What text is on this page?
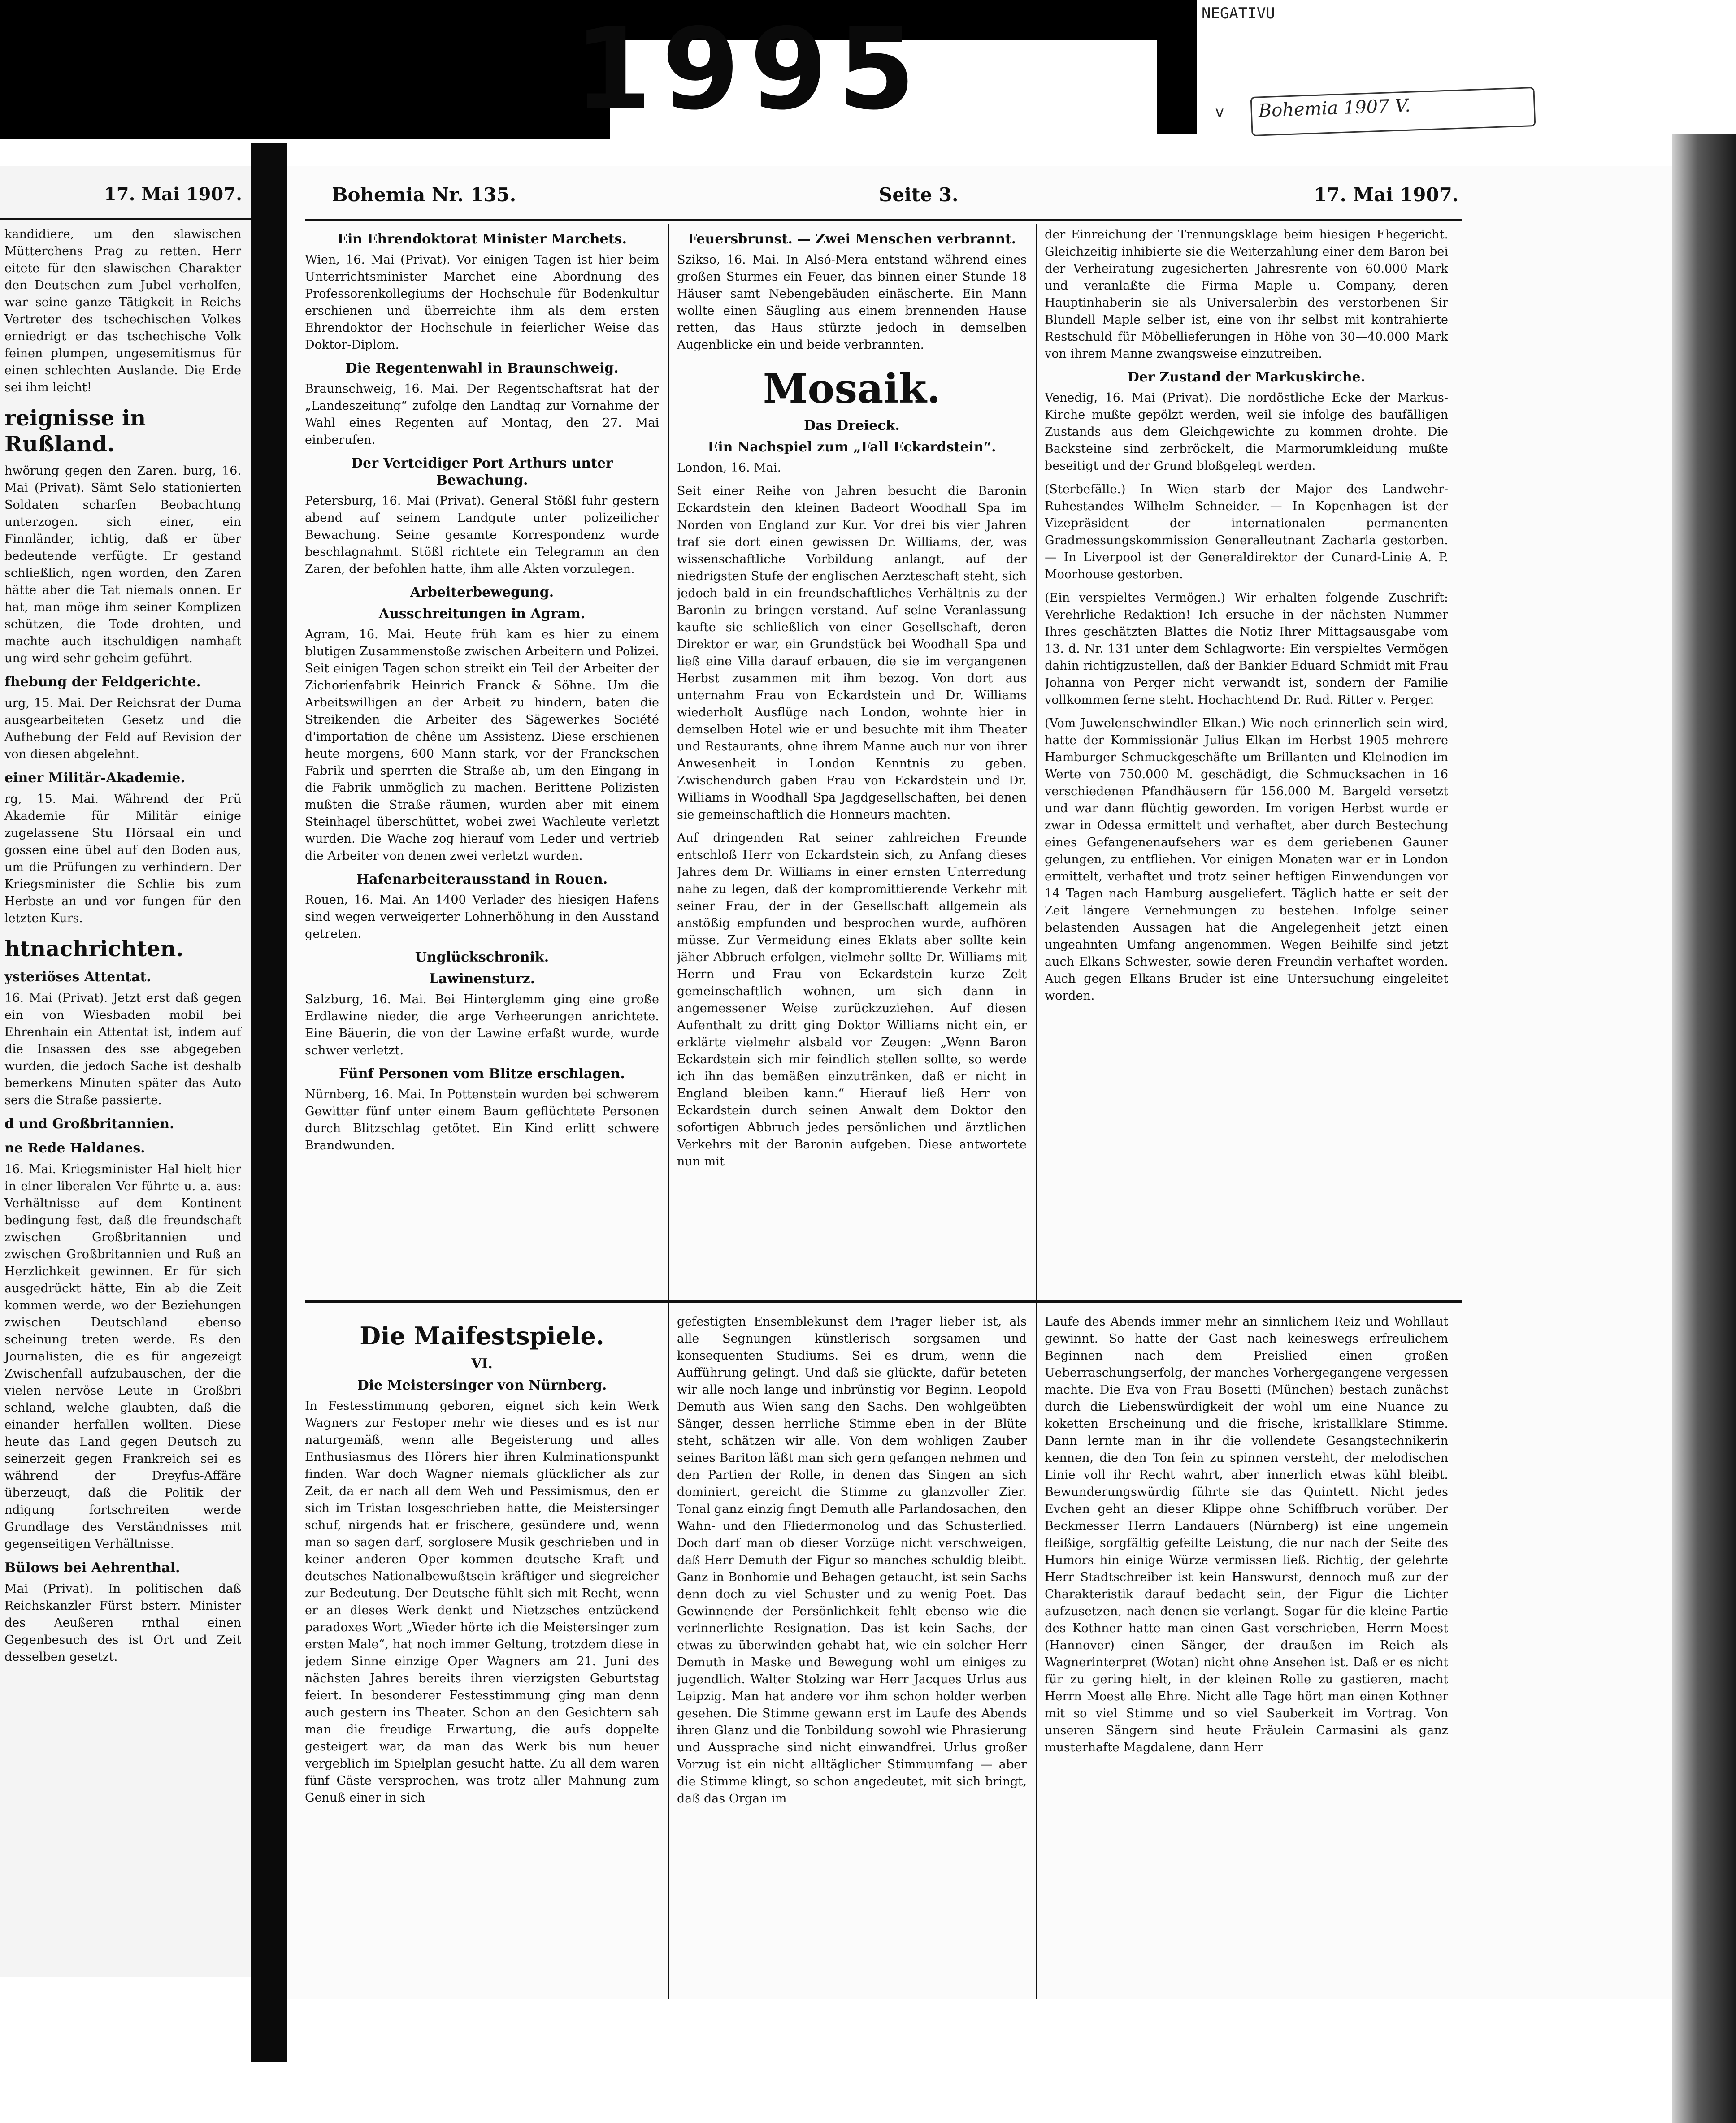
1995	NEGATIVU
v	Bohemia 1907 V.
17. Mai 1907.

kandidiere, um den slawischen Mütterchens Prag zu retten. Herr eitete für den slawischen Charakter den Deutschen zum Jubel verholfen, war seine ganze Tätigkeit in Reichs Vertreter des tschechischen Volkes erniedrigt er das tschechische Volk feinen plumpen, ungesemitismus für einen schlechten Auslande. Die Erde sei ihm leicht!

reignisse in Rußland.

hwörung gegen den Zaren. burg, 16. Mai (Privat). Sämt Selo stationierten Soldaten scharfen Beobachtung unterzogen. sich einer, ein Finnländer, ichtig, daß er über bedeutende verfügte. Er gestand schließlich, ngen worden, den Zaren hätte aber die Tat niemals onnen. Er hat, man möge ihm seiner Komplizen schützen, die Tode drohten, und machte auch itschuldigen namhaft ung wird sehr geheim geführt.

fhebung der Feldgerichte.

urg, 15. Mai. Der Reichsrat der Duma ausgearbeiteten Gesetz und die Aufhebung der Feld auf Revision der von diesen abgelehnt.

einer Militär-Akademie.

rg, 15. Mai. Während der Prü Akademie für Militär einige zugelassene Stu Hörsaal ein und gossen eine übel auf den Boden aus, um die Prüfungen zu verhindern. Der Kriegsminister die Schlie bis zum Herbste an und vor fungen für den letzten Kurs.

htnachrichten.
ysteriöses Attentat.

16. Mai (Privat). Jetzt erst daß gegen ein von Wiesbaden mobil bei Ehrenhain ein Attentat ist, indem auf die Insassen des sse abgegeben wurden, die jedoch Sache ist deshalb bemerkens Minuten später das Auto sers die Straße passierte.

d und Großbritannien.
ne Rede Haldanes.

16. Mai. Kriegsminister Hal hielt hier in einer liberalen Ver führte u. a. aus: Verhältnisse auf dem Kontinent bedingung fest, daß die freundschaft zwischen Großbritannien und zwischen Großbritannien und Ruß an Herzlichkeit gewinnen. Er für sich ausgedrückt hätte, Ein ab die Zeit kommen werde, wo der Beziehungen zwischen Deutschland ebenso scheinung treten werde. Es den Journalisten, die es für angezeigt Zwischenfall aufzubauschen, der die vielen nervöse Leute in Großbri schland, welche glaubten, daß die einander herfallen wollten. Diese heute das Land gegen Deutsch zu seinerzeit gegen Frankreich sei es während der Dreyfus-Affäre überzeugt, daß die Politik der ndigung fortschreiten werde Grundlage des Verständnisses mit gegenseitigen Verhältnisse.

Bülows bei Aehrenthal.

Mai (Privat). In politischen daß Reichskanzler Fürst bsterr. Minister des Aeußeren rnthal einen Gegenbesuch des ist Ort und Zeit desselben gesetzt.

Bohemia Nr. 135.	Seite 3.	17. Mai 1907.
Ein Ehrendoktorat Minister Marchets.

Wien, 16. Mai (Privat). Vor einigen Tagen ist hier beim Unterrichtsminister Marchet eine Abordnung des Professorenkollegiums der Hochschule für Bodenkultur erschienen und überreichte ihm als dem ersten Ehrendoktor der Hochschule in feierlicher Weise das Doktor-Diplom.

Die Regentenwahl in Braunschweig.

Braunschweig, 16. Mai. Der Regentschaftsrat hat der „Landeszeitung“ zufolge den Landtag zur Vornahme der Wahl eines Regenten auf Montag, den 27. Mai einberufen.

Der Verteidiger Port Arthurs unter Bewachung.

Petersburg, 16. Mai (Privat). General Stößl fuhr gestern abend auf seinem Landgute unter polizeilicher Bewachung. Seine gesamte Korrespondenz wurde beschlagnahmt. Stößl richtete ein Telegramm an den Zaren, der befohlen hatte, ihm alle Akten vorzulegen.

Arbeiterbewegung.
Ausschreitungen in Agram.

Agram, 16. Mai. Heute früh kam es hier zu einem blutigen Zusammenstoße zwischen Arbeitern und Polizei. Seit einigen Tagen schon streikt ein Teil der Arbeiter der Zichorienfabrik Heinrich Franck & Söhne. Um die Arbeitswilligen an der Arbeit zu hindern, baten die Streikenden die Arbeiter des Sägewerkes Société d'importation de chêne um Assistenz. Diese erschienen heute morgens, 600 Mann stark, vor der Franckschen Fabrik und sperrten die Straße ab, um den Eingang in die Fabrik unmöglich zu machen. Berittene Polizisten mußten die Straße räumen, wurden aber mit einem Steinhagel überschüttet, wobei zwei Wachleute verletzt wurden. Die Wache zog hierauf vom Leder und vertrieb die Arbeiter von denen zwei verletzt wurden.

Hafenarbeiterausstand in Rouen.

Rouen, 16. Mai. An 1400 Verlader des hiesigen Hafens sind wegen verweigerter Lohnerhöhung in den Ausstand getreten.

Unglückschronik.
Lawinensturz.

Salzburg, 16. Mai. Bei Hinterglemm ging eine große Erdlawine nieder, die arge Verheerungen anrichtete. Eine Bäuerin, die von der Lawine erfaßt wurde, wurde schwer verletzt.

Fünf Personen vom Blitze erschlagen.

Nürnberg, 16. Mai. In Pottenstein wurden bei schwerem Gewitter fünf unter einem Baum geflüchtete Personen durch Blitzschlag getötet. Ein Kind erlitt schwere Brandwunden.

Feuersbrunst. — Zwei Menschen verbrannt.

Szikso, 16. Mai. In Alsó-Mera entstand während eines großen Sturmes ein Feuer, das binnen einer Stunde 18 Häuser samt Nebengebäuden einäscherte. Ein Mann wollte einen Säugling aus einem brennenden Hause retten, das Haus stürzte jedoch in demselben Augenblicke ein und beide verbrannten.

Mosaik.
Das Dreieck.
Ein Nachspiel zum „Fall Eckardstein“.

London, 16. Mai.

Seit einer Reihe von Jahren besucht die Baronin Eckardstein den kleinen Badeort Woodhall Spa im Norden von England zur Kur. Vor drei bis vier Jahren traf sie dort einen gewissen Dr. Williams, der, was wissenschaftliche Vorbildung anlangt, auf der niedrigsten Stufe der englischen Aerzteschaft steht, sich jedoch bald in ein freundschaftliches Verhältnis zu der Baronin zu bringen verstand. Auf seine Veranlassung kaufte sie schließlich von einer Gesellschaft, deren Direktor er war, ein Grundstück bei Woodhall Spa und ließ eine Villa darauf erbauen, die sie im vergangenen Herbst zusammen mit ihm bezog. Von dort aus unternahm Frau von Eckardstein und Dr. Williams wiederholt Ausflüge nach London, wohnte hier in demselben Hotel wie er und besuchte mit ihm Theater und Restaurants, ohne ihrem Manne auch nur von ihrer Anwesenheit in London Kenntnis zu geben. Zwischendurch gaben Frau von Eckardstein und Dr. Williams in Woodhall Spa Jagdgesellschaften, bei denen sie gemeinschaftlich die Honneurs machten.

Auf dringenden Rat seiner zahlreichen Freunde entschloß Herr von Eckardstein sich, zu Anfang dieses Jahres dem Dr. Williams in einer ernsten Unterredung nahe zu legen, daß der kompromittierende Verkehr mit seiner Frau, der in der Gesellschaft allgemein als anstößig empfunden und besprochen wurde, aufhören müsse. Zur Vermeidung eines Eklats aber sollte kein jäher Abbruch erfolgen, vielmehr sollte Dr. Williams mit Herrn und Frau von Eckardstein kurze Zeit gemeinschaftlich wohnen, um sich dann in angemessener Weise zurückzuziehen. Auf diesen Aufenthalt zu dritt ging Doktor Williams nicht ein, er erklärte vielmehr alsbald vor Zeugen: „Wenn Baron Eckardstein sich mir feindlich stellen sollte, so werde ich ihn das bemäßen einzutränken, daß er nicht in England bleiben kann.“ Hierauf ließ Herr von Eckardstein durch seinen Anwalt dem Doktor den sofortigen Abbruch jedes persönlichen und ärztlichen Verkehrs mit der Baronin aufgeben. Diese antwortete nun mit

der Einreichung der Trennungsklage beim hiesigen Ehegericht. Gleichzeitig inhibierte sie die Weiterzahlung einer dem Baron bei der Verheiratung zugesicherten Jahresrente von 60.000 Mark und veranlaßte die Firma Maple u. Company, deren Hauptinhaberin sie als Universalerbin des verstorbenen Sir Blundell Maple selber ist, eine von ihr selbst mit kontrahierte Restschuld für Möbellieferungen in Höhe von 30—40.000 Mark von ihrem Manne zwangsweise einzutreiben.

Der Zustand der Markuskirche.

Venedig, 16. Mai (Privat). Die nordöstliche Ecke der Markus-Kirche mußte gepölzt werden, weil sie infolge des baufälligen Zustands aus dem Gleichgewichte zu kommen drohte. Die Backsteine sind zerbröckelt, die Marmorumkleidung mußte beseitigt und der Grund bloßgelegt werden.

(Sterbefälle.) In Wien starb der Major des Landwehr-Ruhestandes Wilhelm Schneider. — In Kopenhagen ist der Vizepräsident der internationalen permanenten Gradmessungskommission Generalleutnant Zacharia gestorben. — In Liverpool ist der Generaldirektor der Cunard-Linie A. P. Moorhouse gestorben.

(Ein verspieltes Vermögen.) Wir erhalten folgende Zuschrift: Verehrliche Redaktion! Ich ersuche in der nächsten Nummer Ihres geschätzten Blattes die Notiz Ihrer Mittagsausgabe vom 13. d. Nr. 131 unter dem Schlagworte: Ein verspieltes Vermögen dahin richtigzustellen, daß der Bankier Eduard Schmidt mit Frau Johanna von Perger nicht verwandt ist, sondern der Familie vollkommen ferne steht. Hochachtend Dr. Rud. Ritter v. Perger.

(Vom Juwelenschwindler Elkan.) Wie noch erinnerlich sein wird, hatte der Kommissionär Julius Elkan im Herbst 1905 mehrere Hamburger Schmuckgeschäfte um Brillanten und Kleinodien im Werte von 750.000 M. geschädigt, die Schmucksachen in 16 verschiedenen Pfandhäusern für 156.000 M. Bargeld versetzt und war dann flüchtig geworden. Im vorigen Herbst wurde er zwar in Odessa ermittelt und verhaftet, aber durch Bestechung eines Gefangenenaufsehers war es dem geriebenen Gauner gelungen, zu entfliehen. Vor einigen Monaten war er in London ermittelt, verhaftet und trotz seiner heftigen Einwendungen vor 14 Tagen nach Hamburg ausgeliefert. Täglich hatte er seit der Zeit längere Vernehmungen zu bestehen. Infolge seiner belastenden Aussagen hat die Angelegenheit jetzt einen ungeahnten Umfang angenommen. Wegen Beihilfe sind jetzt auch Elkans Schwester, sowie deren Freundin verhaftet worden. Auch gegen Elkans Bruder ist eine Untersuchung eingeleitet worden.

Die Maifestspiele.
VI.
Die Meistersinger von Nürnberg.

In Festesstimmung geboren, eignet sich kein Werk Wagners zur Festoper mehr wie dieses und es ist nur naturgemäß, wenn alle Begeisterung und alles Enthusiasmus des Hörers hier ihren Kulminationspunkt finden. War doch Wagner niemals glücklicher als zur Zeit, da er nach all dem Weh und Pessimismus, den er sich im Tristan losgeschrieben hatte, die Meistersinger schuf, nirgends hat er frischere, gesündere und, wenn man so sagen darf, sorglosere Musik geschrieben und in keiner anderen Oper kommen deutsche Kraft und deutsches Nationalbewußtsein kräftiger und siegreicher zur Bedeutung. Der Deutsche fühlt sich mit Recht, wenn er an dieses Werk denkt und Nietzsches entzückend paradoxes Wort „Wieder hörte ich die Meistersinger zum ersten Male“, hat noch immer Geltung, trotzdem diese in jedem Sinne einzige Oper Wagners am 21. Juni des nächsten Jahres bereits ihren vierzigsten Geburtstag feiert. In besonderer Festesstimmung ging man denn auch gestern ins Theater. Schon an den Gesichtern sah man die freudige Erwartung, die aufs doppelte gesteigert war, da man das Werk bis nun heuer vergeblich im Spielplan gesucht hatte. Zu all dem waren fünf Gäste versprochen, was trotz aller Mahnung zum Genuß einer in sich

gefestigten Ensemblekunst dem Prager lieber ist, als alle Segnungen künstlerisch sorgsamen und konsequenten Studiums. Sei es drum, wenn die Aufführung gelingt. Und daß sie glückte, dafür beteten wir alle noch lange und inbrünstig vor Beginn. Leopold Demuth aus Wien sang den Sachs. Den wohlgeübten Sänger, dessen herrliche Stimme eben in der Blüte steht, schätzen wir alle. Von dem wohligen Zauber seines Bariton läßt man sich gern gefangen nehmen und den Partien der Rolle, in denen das Singen an sich dominiert, gereicht die Stimme zu glanzvoller Zier. Tonal ganz einzig fingt Demuth alle Parlandosachen, den Wahn- und den Fliedermonolog und das Schusterlied. Doch darf man ob dieser Vorzüge nicht verschweigen, daß Herr Demuth der Figur so manches schuldig bleibt. Ganz in Bonhomie und Behagen getaucht, ist sein Sachs denn doch zu viel Schuster und zu wenig Poet. Das Gewinnende der Persönlichkeit fehlt ebenso wie die verinnerlichte Resignation. Das ist kein Sachs, der etwas zu überwinden gehabt hat, wie ein solcher Herr Demuth in Maske und Bewegung wohl um einiges zu jugendlich. Walter Stolzing war Herr Jacques Urlus aus Leipzig. Man hat andere vor ihm schon holder werben gesehen. Die Stimme gewann erst im Laufe des Abends ihren Glanz und die Tonbildung sowohl wie Phrasierung und Aussprache sind nicht einwandfrei. Urlus großer Vorzug ist ein nicht alltäglicher Stimmumfang — aber die Stimme klingt, so schon angedeutet, mit sich bringt, daß das Organ im

Laufe des Abends immer mehr an sinnlichem Reiz und Wohllaut gewinnt. So hatte der Gast nach keineswegs erfreulichem Beginnen nach dem Preislied einen großen Ueberraschungserfolg, der manches Vorhergegangene vergessen machte. Die Eva von Frau Bosetti (München) bestach zunächst durch die Liebenswürdigkeit der wohl um eine Nuance zu koketten Erscheinung und die frische, kristallklare Stimme. Dann lernte man in ihr die vollendete Gesangstechnikerin kennen, die den Ton fein zu spinnen versteht, der melodischen Linie voll ihr Recht wahrt, aber innerlich etwas kühl bleibt. Bewunderungswürdig führte sie das Quintett. Nicht jedes Evchen geht an dieser Klippe ohne Schiffbruch vorüber. Der Beckmesser Herrn Landauers (Nürnberg) ist eine ungemein fleißige, sorgfältig gefeilte Leistung, die nur nach der Seite des Humors hin einige Würze vermissen ließ. Richtig, der gelehrte Herr Stadtschreiber ist kein Hanswurst, dennoch muß zur der Charakteristik darauf bedacht sein, der Figur die Lichter aufzusetzen, nach denen sie verlangt. Sogar für die kleine Partie des Kothner hatte man einen Gast verschrieben, Herrn Moest (Hannover) einen Sänger, der draußen im Reich als Wagnerinterpret (Wotan) nicht ohne Ansehen ist. Daß er es nicht für zu gering hielt, in der kleinen Rolle zu gastieren, macht Herrn Moest alle Ehre. Nicht alle Tage hört man einen Kothner mit so viel Stimme und so viel Sauberkeit im Vortrag. Von unseren Sängern sind heute Fräulein Carmasini als ganz musterhafte Magdalene, dann Herr
